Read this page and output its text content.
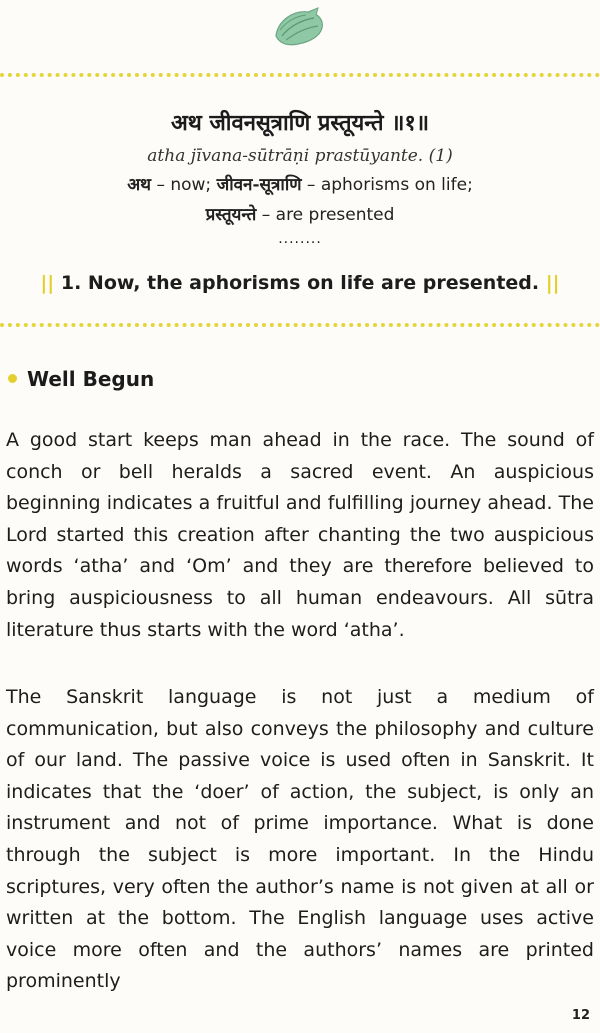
अथ जीवनसूत्राणि प्रस्तूयन्ते ॥१॥
atha jīvana-sūtrāṇi prastūyante. (1)
अथ – now; जीवन-सूत्राणि – aphorisms on life;
प्रस्तूयन्ते – are presented
........
|| 1. Now, the aphorisms on life are presented. ||
Well Begun
A good start keeps man ahead in the race. The sound of conch or bell heralds a sacred event. An auspicious beginning indicates a fruitful and fulfilling journey ahead. The Lord started this creation after chanting the two auspicious words ‘atha’ and ‘Om’ and they are therefore believed to bring auspiciousness to all human endeavours. All sūtra literature thus starts with the word ‘atha’.
The Sanskrit language is not just a medium of communication, but also conveys the philosophy and culture of our land. The passive voice is used often in Sanskrit. It indicates that the ‘doer’ of action, the subject, is only an instrument and not of prime importance. What is done through the subject is more important. In the Hindu scriptures, very often the author’s name is not given at all or written at the bottom. The English language uses active voice more often and the authors’ names are printed prominently
12
